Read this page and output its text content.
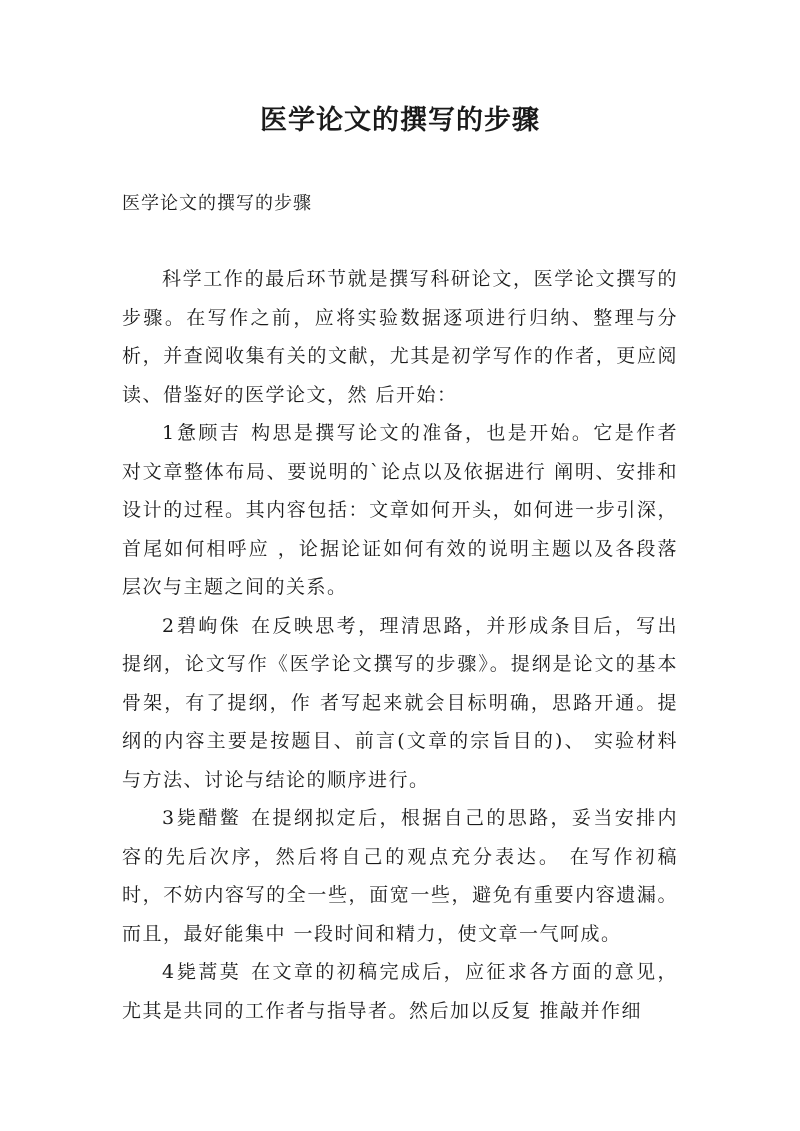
医学论文的撰写的步骤

医学论文的撰写的步骤

科学工作的最后环节就是撰写科研论文，医学论文撰写的步骤。在写作之前，应将实验数据逐项进行归纳、整理与分析，并查阅收集有关的文献，尤其是初学写作的作者，更应阅读、借鉴好的医学论文，然 后开始：

1 惫顾吉 构思是撰写论文的准备，也是开始。它是作者对文章整体布局、要说明的`论点以及依据进行 阐明、安排和设计的过程。其内容包括：文章如何开头，如何进一步引深，首尾如何相呼应 ，论据论证如何有效的说明主题以及各段落层次与主题之间的关系。

2 碧岣侏 在反映思考，理清思路，并形成条目后，写出提纲，论文写作《医学论文撰写的步骤》。提纲是论文的基本骨架，有了提纲，作 者写起来就会目标明确，思路开通。提纲的内容主要是按题目、前言(文章的宗旨目的)、 实验材料与方法、讨论与结论的顺序进行。

3 毙醋鳖 在提纲拟定后，根据自己的思路，妥当安排内容的先后次序，然后将自己的观点充分表达。 在写作初稿时，不妨内容写的全一些，面宽一些，避免有重要内容遗漏。而且，最好能集中 一段时间和精力，使文章一气呵成。

4 毙蒿莫 在文章的初稿完成后，应征求各方面的意见，尤其是共同的工作者与指导者。然后加以反复 推敲并作细
